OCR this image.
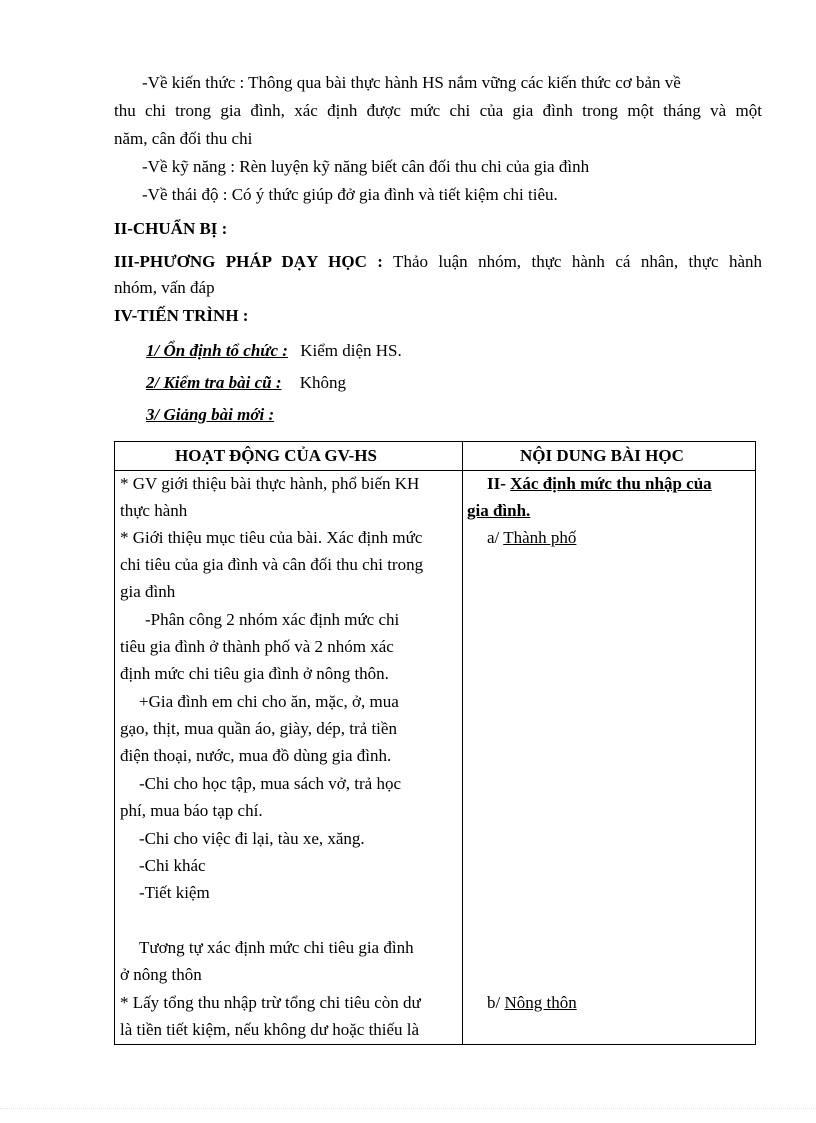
-Về kiến thức : Thông qua bài thực hành HS nắm vững các kiến thức cơ bản về
thu chi trong gia đình, xác định được mức chi của gia đình trong một tháng và một
năm, cân đối thu chi
-Về kỹ năng : Rèn luyện kỹ năng biết cân đối thu chi của gia đình
-Về thái độ : Có ý thức giúp đở gia đình và tiết kiệm chi tiêu.
II-CHUẨN BỊ :
III-PHƯƠNG PHÁP DẠY HỌC : Thảo luận nhóm, thực hành cá nhân, thực hành
nhóm, vấn đáp
IV-TIẾN TRÌNH :
1/ Ổn định tổ chức : Kiểm diện HS.
2/ Kiểm tra bài cũ : Không
3/ Giảng bài mới :
HOẠT ĐỘNG CỦA GV-HS	NỘI DUNG BÀI HỌC
* GV giới thiệu bài thực hành, phổ biến KH
thực hành
* Giới thiệu mục tiêu của bài. Xác định mức
chi tiêu của gia đình và cân đối thu chi trong
gia đình
-Phân công 2 nhóm xác định mức chi
tiêu gia đình ở thành phố và 2 nhóm xác
định mức chi tiêu gia đình ở nông thôn.
+Gia đình em chi cho ăn, mặc, ở, mua
gạo, thịt, mua quần áo, giày, dép, trả tiền
điện thoại, nước, mua đồ dùng gia đình.
-Chi cho học tập, mua sách vở, trả học
phí, mua báo tạp chí.
-Chi cho việc đi lại, tàu xe, xăng.
-Chi khác
-Tiết kiệm
Tương tự xác định mức chi tiêu gia đình
ở nông thôn
* Lấy tổng thu nhập trừ tổng chi tiêu còn dư
là tiền tiết kiệm, nếu không dư hoặc thiếu là
II- Xác định mức thu nhập của
gia đình.
a/ Thành phố
b/ Nông thôn
